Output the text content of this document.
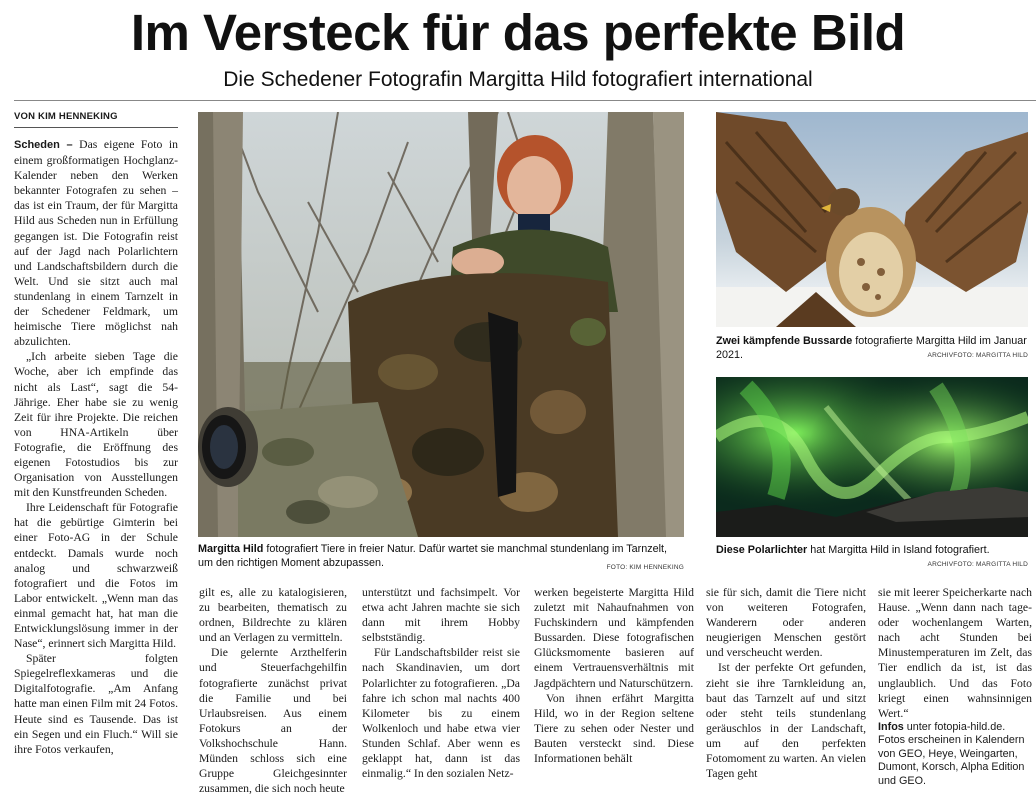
Im Versteck für das perfekte Bild
Die Schedener Fotografin Margitta Hild fotografiert international
VON KIM HENNEKING

Scheden – Das eigene Foto in einem großformatigen Hochglanz-Kalender neben den Werken bekannter Fotografen zu sehen – das ist ein Traum, der für Margitta Hild aus Scheden nun in Erfüllung gegangen ist. Die Fotografin reist auf der Jagd nach Polarlichtern und Landschaftsbildern durch die Welt. Und sie sitzt auch mal stundenlang in einem Tarnzelt in der Schedener Feldmark, um heimische Tiere möglichst nah abzulichten.

„Ich arbeite sieben Tage die Woche, aber ich empfinde das nicht als Last“, sagt die 54-Jährige. Eher habe sie zu wenig Zeit für ihre Projekte. Die reichen von HNA-Artikeln über Fotografie, die Eröffnung des eigenen Fotostudios bis zur Organisation von Ausstellungen mit den Kunstfreunden Scheden.

Ihre Leidenschaft für Fotografie hat die gebürtige Gimterin bei einer Foto-AG in der Schule entdeckt. Damals wurde noch analog und schwarzweiß fotografiert und die Fotos im Labor entwickelt. „Wenn man das einmal gemacht hat, hat man die Entwicklungslösung immer in der Nase“, erinnert sich Margitta Hild.

Später folgten Spiegelreflexkameras und die Digitalfotografie. „Am Anfang hatte man einen Film mit 24 Fotos. Heute sind es Tausende. Das ist ein Segen und ein Fluch.“ Will sie ihre Fotos verkaufen,

Margitta Hild fotografiert Tiere in freier Natur. Dafür wartet sie manchmal stundenlang im Tarnzelt, um den richtigen Moment abzupassen.	FOTO: KIM HENNEKING
Zwei kämpfende Bussarde fotografierte Margitta Hild im Januar 2021.	ARCHIVFOTO: MARGITTA HILD
Diese Polarlichter hat Margitta Hild in Island fotografiert.
ARCHIVFOTO: MARGITTA HILD

gilt es, alle zu katalogisieren, zu bearbeiten, thematisch zu ordnen, Bildrechte zu klären und an Verlagen zu vermitteln.

Die gelernte Arzthelferin und Steuerfachgehilfin fotografierte zunächst privat die Familie und bei Urlaubsreisen. Aus einem Fotokurs an der Volkshochschule Hann. Münden schloss sich eine Gruppe Gleichgesinnter zusammen, die sich noch heute

unterstützt und fachsimpelt. Vor etwa acht Jahren machte sie sich dann mit ihrem Hobby selbstständig.

Für Landschaftsbilder reist sie nach Skandinavien, um dort Polarlichter zu fotografieren. „Da fahre ich schon mal nachts 400 Kilometer bis zu einem Wolkenloch und habe etwa vier Stunden Schlaf. Aber wenn es geklappt hat, dann ist das einmalig.“ In den sozialen Netz-

werken begeisterte Margitta Hild zuletzt mit Nahaufnahmen von Fuchskindern und kämpfenden Bussarden. Diese fotografischen Glücksmomente basieren auf einem Vertrauensverhältnis mit Jagdpächtern und Naturschützern.

Von ihnen erfährt Margitta Hild, wo in der Region seltene Tiere zu sehen oder Nester und Bauten versteckt sind. Diese Informationen behält

sie für sich, damit die Tiere nicht von weiteren Fotografen, Wanderern oder anderen neugierigen Menschen gestört und verscheucht werden.

Ist der perfekte Ort gefunden, zieht sie ihre Tarnkleidung an, baut das Tarnzelt auf und sitzt oder steht teils stundenlang geräuschlos in der Landschaft, um auf den perfekten Fotomoment zu warten. An vielen Tagen geht

sie mit leerer Speicherkarte nach Hause. „Wenn dann nach tage- oder wochenlangem Warten, nach acht Stunden bei Minustemperaturen im Zelt, das Tier endlich da ist, ist das unglaublich. Und das Foto kriegt einen wahnsinnigen Wert.“

Infos unter fotopia-hild.de. Fotos erscheinen in Kalendern von GEO, Heye, Weingarten, Dumont, Korsch, Alpha Edition und GEO.
